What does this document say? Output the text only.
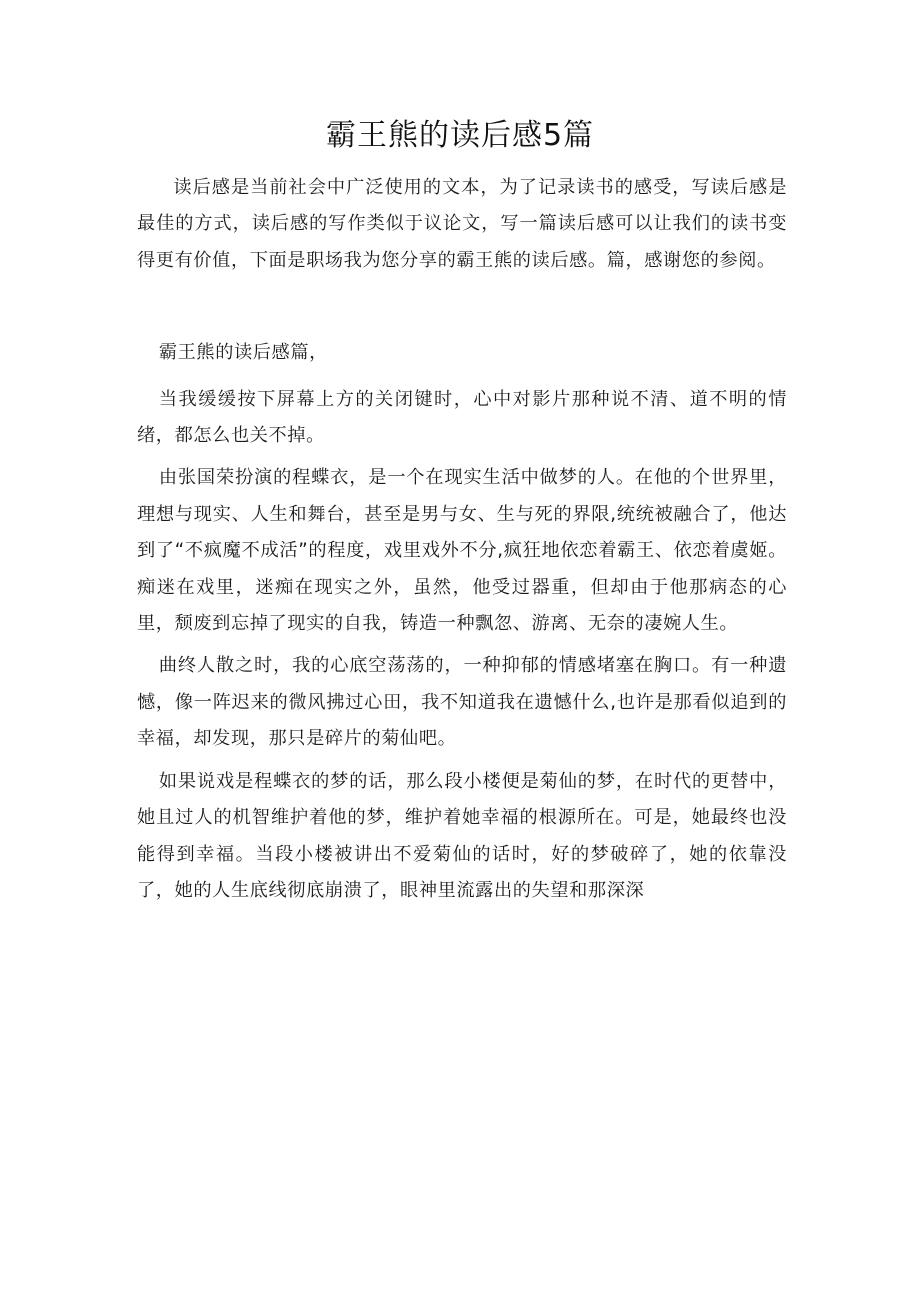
霸王熊的读后感5篇

读后感是当前社会中广泛使用的文本，为了记录读书的感受，写读后感是最佳的方式，读后感的写作类似于议论文，写一篇读后感可以让我们的读书变得更有价值，下面是职场我为您分享的霸王熊的读后感。篇，感谢您的参阅。

霸王熊的读后感篇，

当我缓缓按下屏幕上方的关闭键时，心中对影片那种说不清、道不明的情绪，都怎么也关不掉。

由张国荣扮演的程蝶衣，是一个在现实生活中做梦的人。在他的个世界里，理想与现实、人生和舞台，甚至是男与女、生与死的界限,统统被融合了，他达到了“不疯魔不成活”的程度，戏里戏外不分,疯狂地依恋着霸王、依恋着虞姬。痴迷在戏里，迷痴在现实之外，虽然，他受过器重，但却由于他那病态的心里，颓废到忘掉了现实的自我，铸造一种飘忽、游离、无奈的凄婉人生。

曲终人散之时，我的心底空荡荡的，一种抑郁的情感堵塞在胸口。有一种遗憾，像一阵迟来的微风拂过心田，我不知道我在遗憾什么,也许是那看似追到的幸福，却发现，那只是碎片的菊仙吧。

如果说戏是程蝶衣的梦的话，那么段小楼便是菊仙的梦，在时代的更替中，她且过人的机智维护着他的梦，维护着她幸福的根源所在。可是，她最终也没能得到幸福。当段小楼被讲出不爱菊仙的话时，好的梦破碎了，她的依靠没了，她的人生底线彻底崩溃了，眼神里流露出的失望和那深深
